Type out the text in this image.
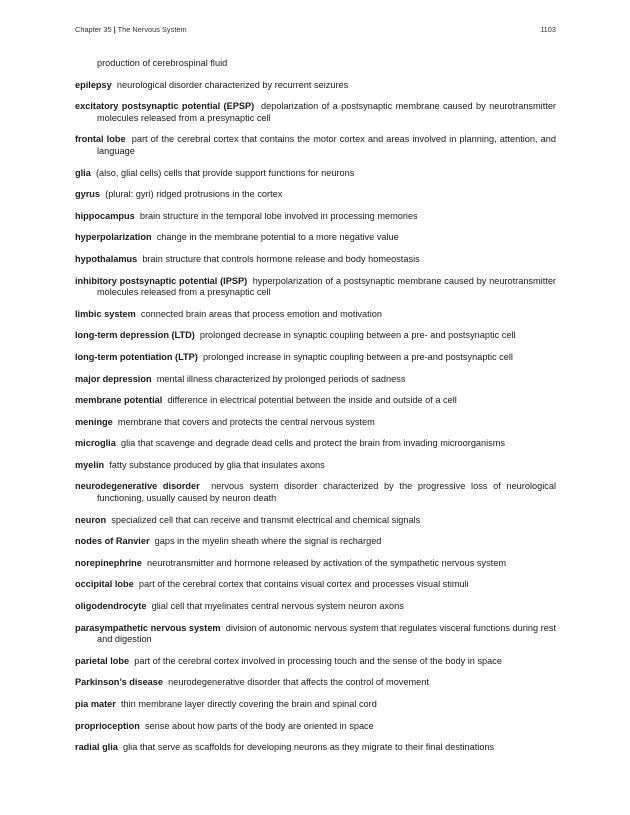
Chapter 35 | The Nervous System	1103

production of cerebrospinal fluid

epilepsy neurological disorder characterized by recurrent seizures

excitatory postsynaptic potential (EPSP) depolarization of a postsynaptic membrane caused by neurotransmitter molecules released from a presynaptic cell

frontal lobe part of the cerebral cortex that contains the motor cortex and areas involved in planning, attention, and language

glia (also, glial cells) cells that provide support functions for neurons

gyrus (plural: gyri) ridged protrusions in the cortex

hippocampus brain structure in the temporal lobe involved in processing memories

hyperpolarization change in the membrane potential to a more negative value

hypothalamus brain structure that controls hormone release and body homeostasis

inhibitory postsynaptic potential (IPSP) hyperpolarization of a postsynaptic membrane caused by neurotransmitter molecules released from a presynaptic cell

limbic system connected brain areas that process emotion and motivation

long-term depression (LTD) prolonged decrease in synaptic coupling between a pre- and postsynaptic cell

long-term potentiation (LTP) prolonged increase in synaptic coupling between a pre-and postsynaptic cell

major depression mental illness characterized by prolonged periods of sadness

membrane potential difference in electrical potential between the inside and outside of a cell

meninge membrane that covers and protects the central nervous system

microglia glia that scavenge and degrade dead cells and protect the brain from invading microorganisms

myelin fatty substance produced by glia that insulates axons

neurodegenerative disorder nervous system disorder characterized by the progressive loss of neurological functioning, usually caused by neuron death

neuron specialized cell that can receive and transmit electrical and chemical signals

nodes of Ranvier gaps in the myelin sheath where the signal is recharged

norepinephrine neurotransmitter and hormone released by activation of the sympathetic nervous system

occipital lobe part of the cerebral cortex that contains visual cortex and processes visual stimuli

oligodendrocyte glial cell that myelinates central nervous system neuron axons

parasympathetic nervous system division of autonomic nervous system that regulates visceral functions during rest and digestion

parietal lobe part of the cerebral cortex involved in processing touch and the sense of the body in space

Parkinson’s disease neurodegenerative disorder that affects the control of movement

pia mater thin membrane layer directly covering the brain and spinal cord

proprioception sense about how parts of the body are oriented in space

radial glia glia that serve as scaffolds for developing neurons as they migrate to their final destinations
